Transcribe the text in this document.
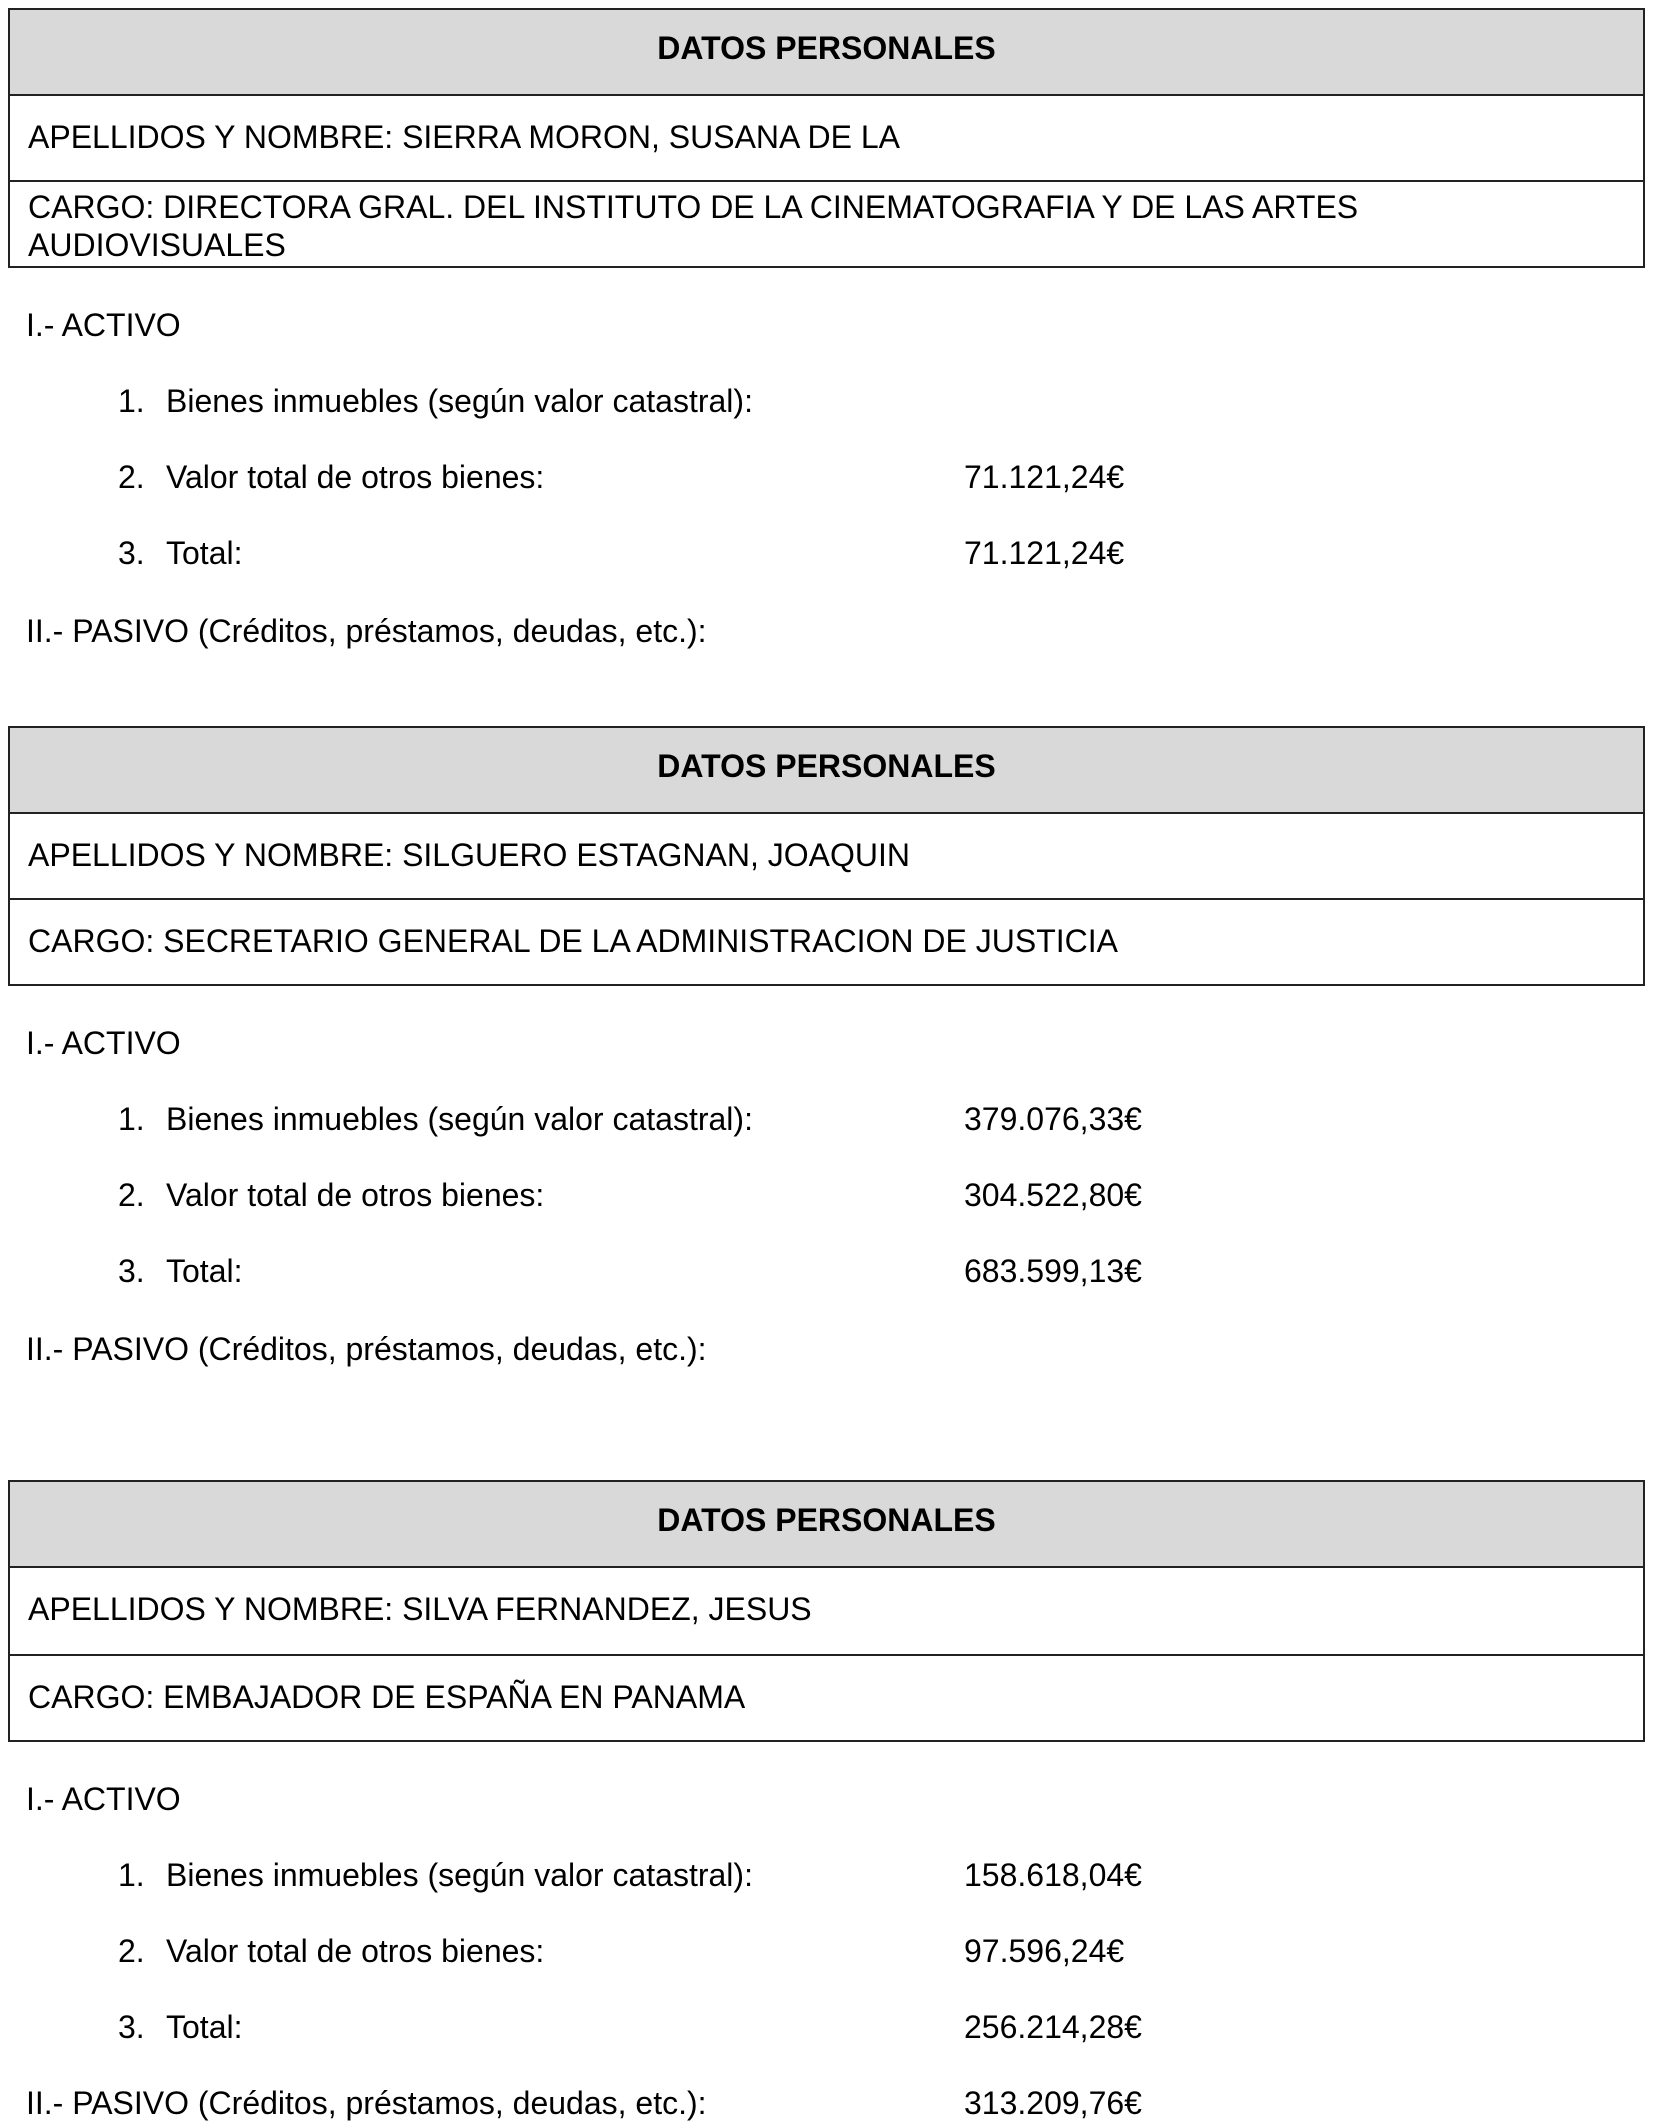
DATOS PERSONALES
APELLIDOS Y NOMBRE: SIERRA MORON, SUSANA DE LA
CARGO: DIRECTORA GRAL. DEL INSTITUTO DE LA CINEMATOGRAFIA Y DE LAS ARTES AUDIOVISUALES
I.- ACTIVO
1. Bienes inmuebles (según valor catastral):
2. Valor total de otros bienes:	71.121,24€
3. Total:	71.121,24€
II.- PASIVO (Créditos, préstamos, deudas, etc.):
DATOS PERSONALES
APELLIDOS Y NOMBRE: SILGUERO ESTAGNAN, JOAQUIN
CARGO: SECRETARIO GENERAL DE LA ADMINISTRACION DE JUSTICIA
I.- ACTIVO
1. Bienes inmuebles (según valor catastral):	379.076,33€
2. Valor total de otros bienes:	304.522,80€
3. Total:	683.599,13€
II.- PASIVO (Créditos, préstamos, deudas, etc.):
DATOS PERSONALES
APELLIDOS Y NOMBRE: SILVA FERNANDEZ, JESUS
CARGO: EMBAJADOR DE ESPAÑA EN PANAMA
I.- ACTIVO
1. Bienes inmuebles (según valor catastral):	158.618,04€
2. Valor total de otros bienes:	97.596,24€
3. Total:	256.214,28€
II.- PASIVO (Créditos, préstamos, deudas, etc.):	313.209,76€
